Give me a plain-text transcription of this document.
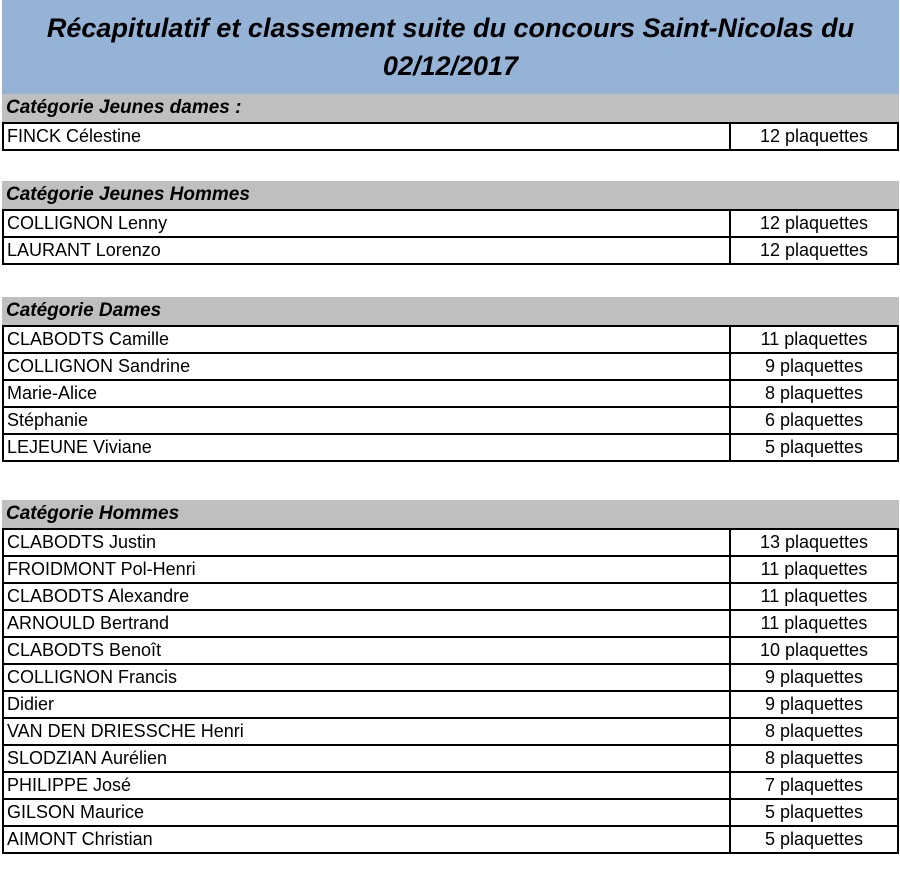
Récapitulatif et classement suite du concours Saint-Nicolas du 02/12/2017
Catégorie Jeunes dames :
FINCK Célestine	12 plaquettes
Catégorie Jeunes Hommes
COLLIGNON Lenny	12 plaquettes
LAURANT Lorenzo	12 plaquettes
Catégorie Dames
CLABODTS Camille	11 plaquettes
COLLIGNON Sandrine	9 plaquettes
Marie-Alice	8 plaquettes
Stéphanie	6 plaquettes
LEJEUNE Viviane	5 plaquettes
Catégorie Hommes
CLABODTS Justin	13 plaquettes
FROIDMONT Pol-Henri	11 plaquettes
CLABODTS Alexandre	11 plaquettes
ARNOULD Bertrand	11 plaquettes
CLABODTS Benoît	10 plaquettes
COLLIGNON Francis	9 plaquettes
Didier	9 plaquettes
VAN DEN DRIESSCHE Henri	8 plaquettes
SLODZIAN Aurélien	8 plaquettes
PHILIPPE José	7 plaquettes
GILSON Maurice	5 plaquettes
AIMONT Christian	5 plaquettes
